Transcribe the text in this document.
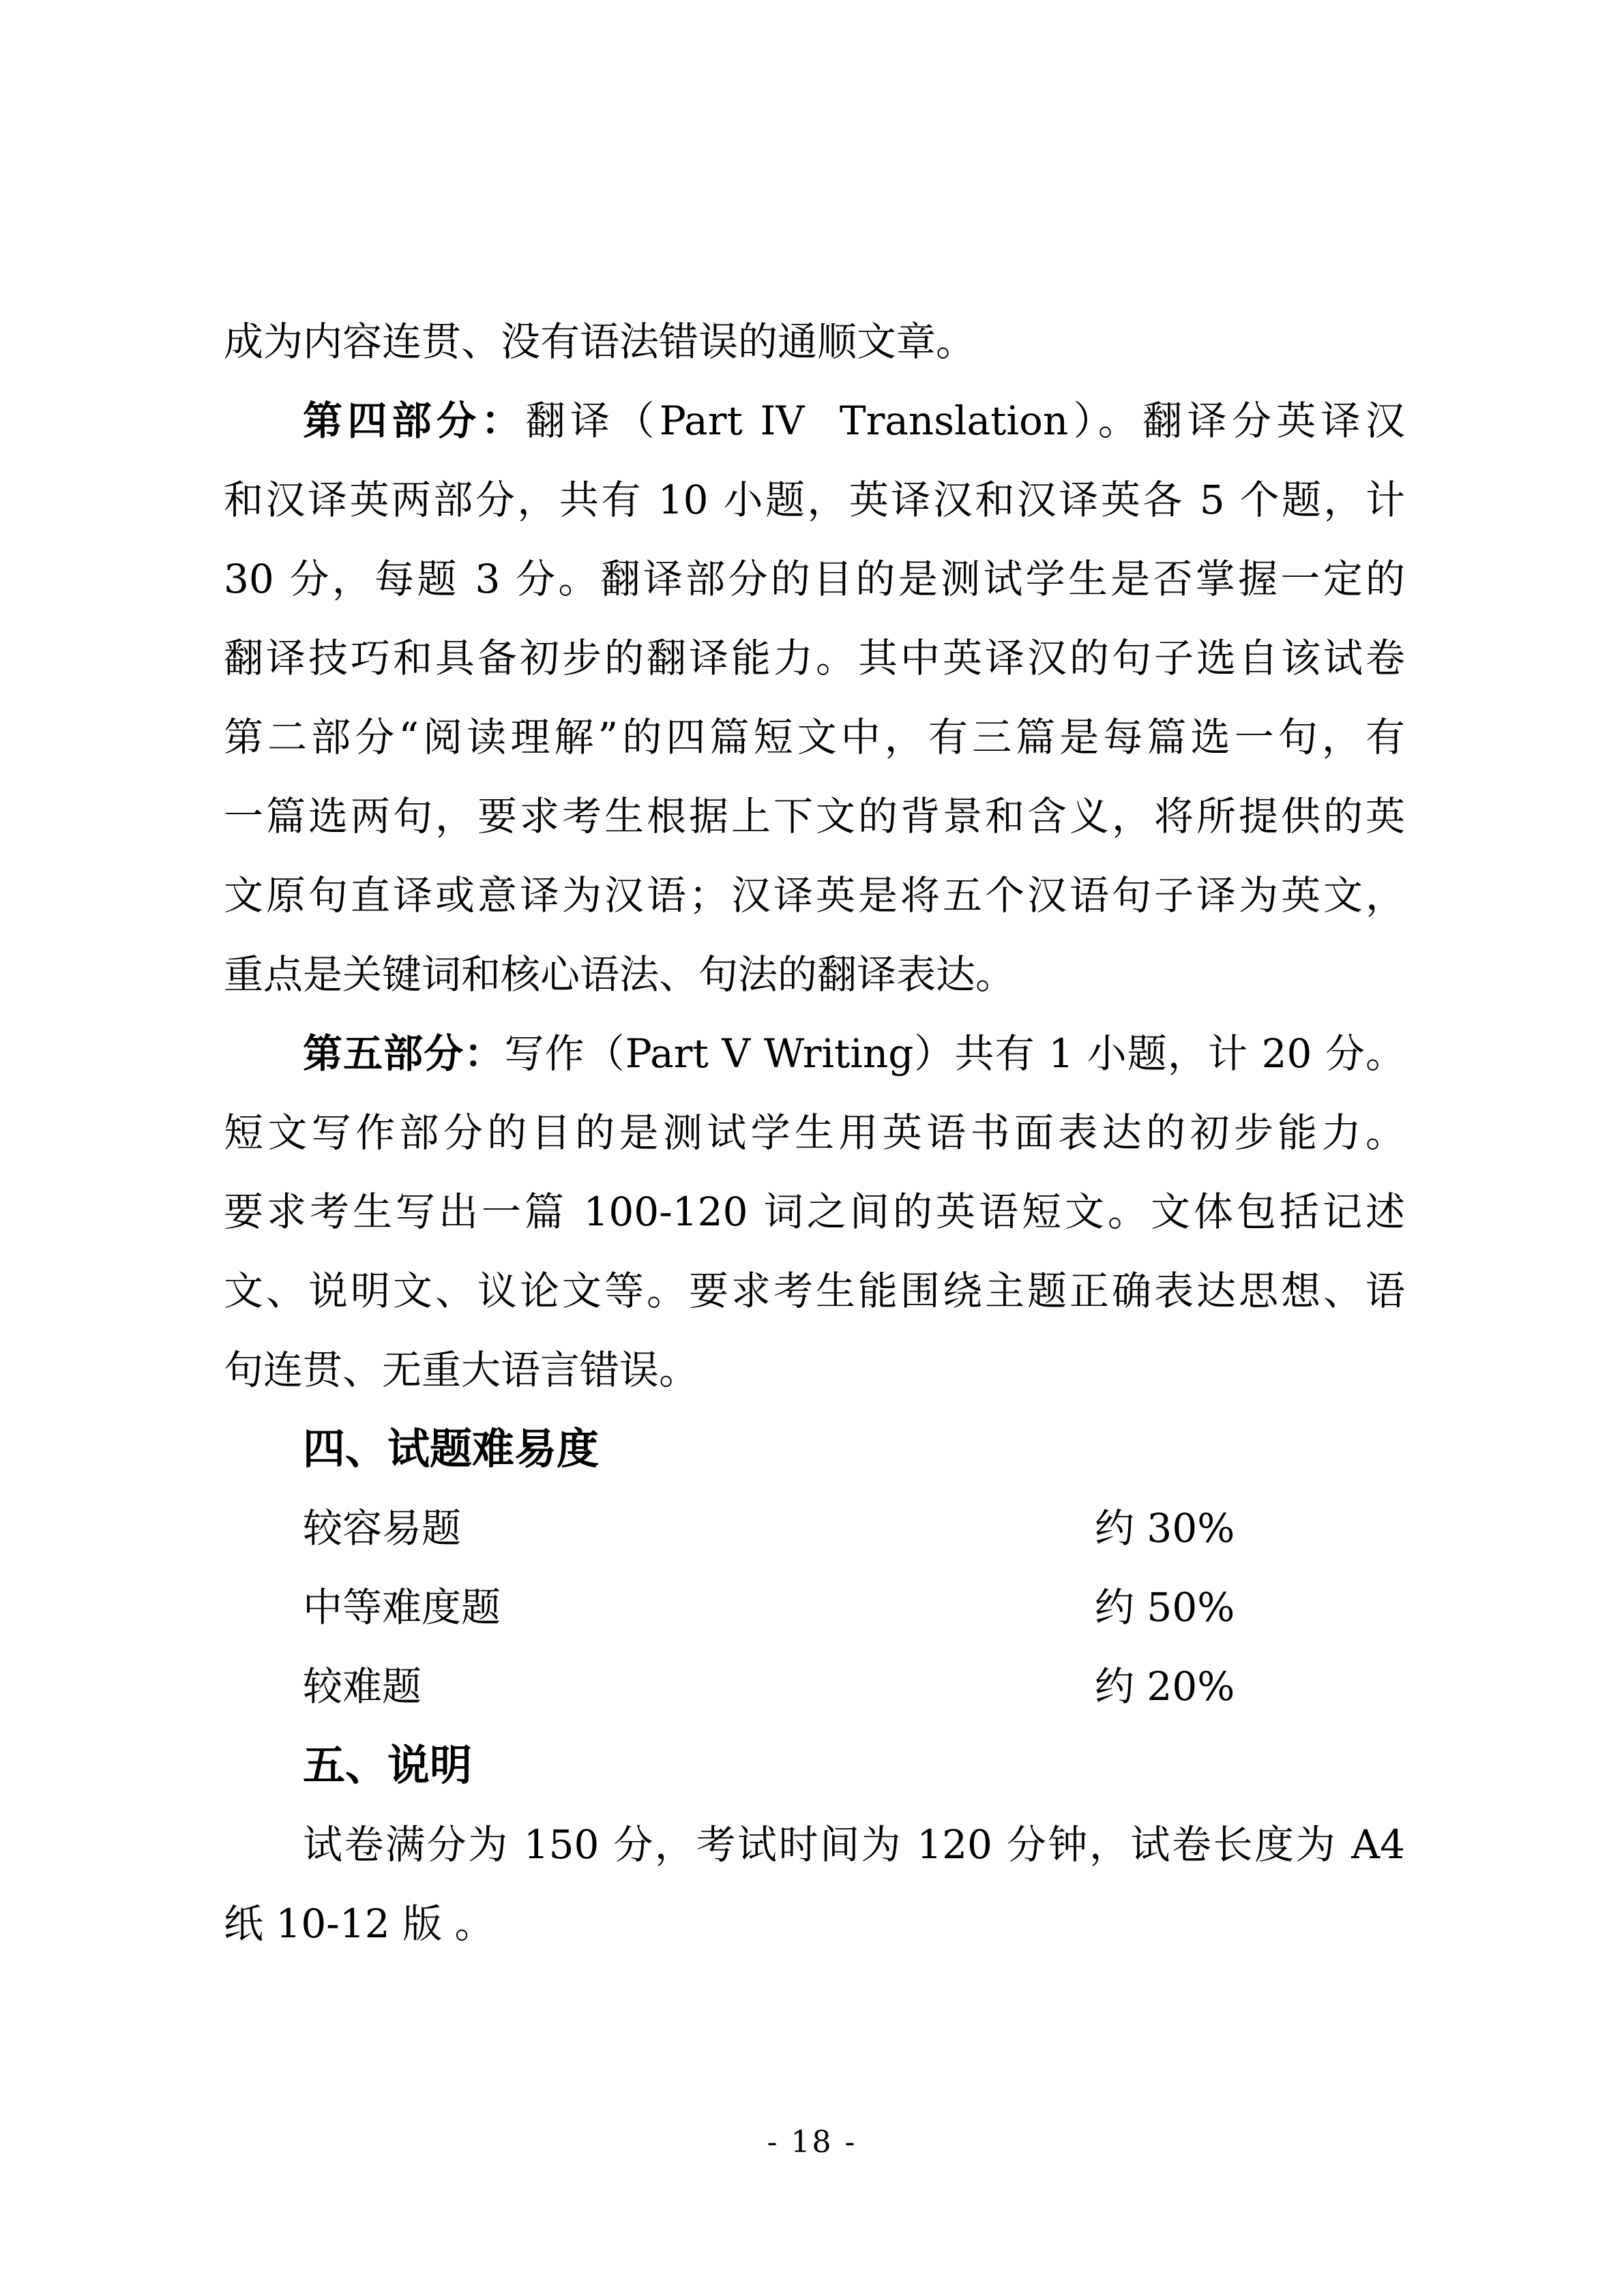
成为内容连贯、没有语法错误的通顺文章。
第四部分：翻译（Part IV  Translation）。翻译分英译汉
和汉译英两部分，共有 10 小题，英译汉和汉译英各 5 个题，计
30 分，每题 3 分。翻译部分的目的是测试学生是否掌握一定的
翻译技巧和具备初步的翻译能力。其中英译汉的句子选自该试卷
第二部分“阅读理解”的四篇短文中，有三篇是每篇选一句，有
一篇选两句，要求考生根据上下文的背景和含义，将所提供的英
文原句直译或意译为汉语；汉译英是将五个汉语句子译为英文，
重点是关键词和核心语法、句法的翻译表达。
第五部分：写作（Part V Writing）共有 1 小题，计 20 分。
短文写作部分的目的是测试学生用英语书面表达的初步能力。
要求考生写出一篇 100-120 词之间的英语短文。文体包括记述
文、说明文、议论文等。要求考生能围绕主题正确表达思想、语
句连贯、无重大语言错误。
四、试题难易度
较容易题	约 30%
中等难度题	约 50%
较难题	约 20%
五、说明
试卷满分为 150 分，考试时间为 120 分钟，试卷长度为 A4
纸 10-12 版 。
- 18 -
